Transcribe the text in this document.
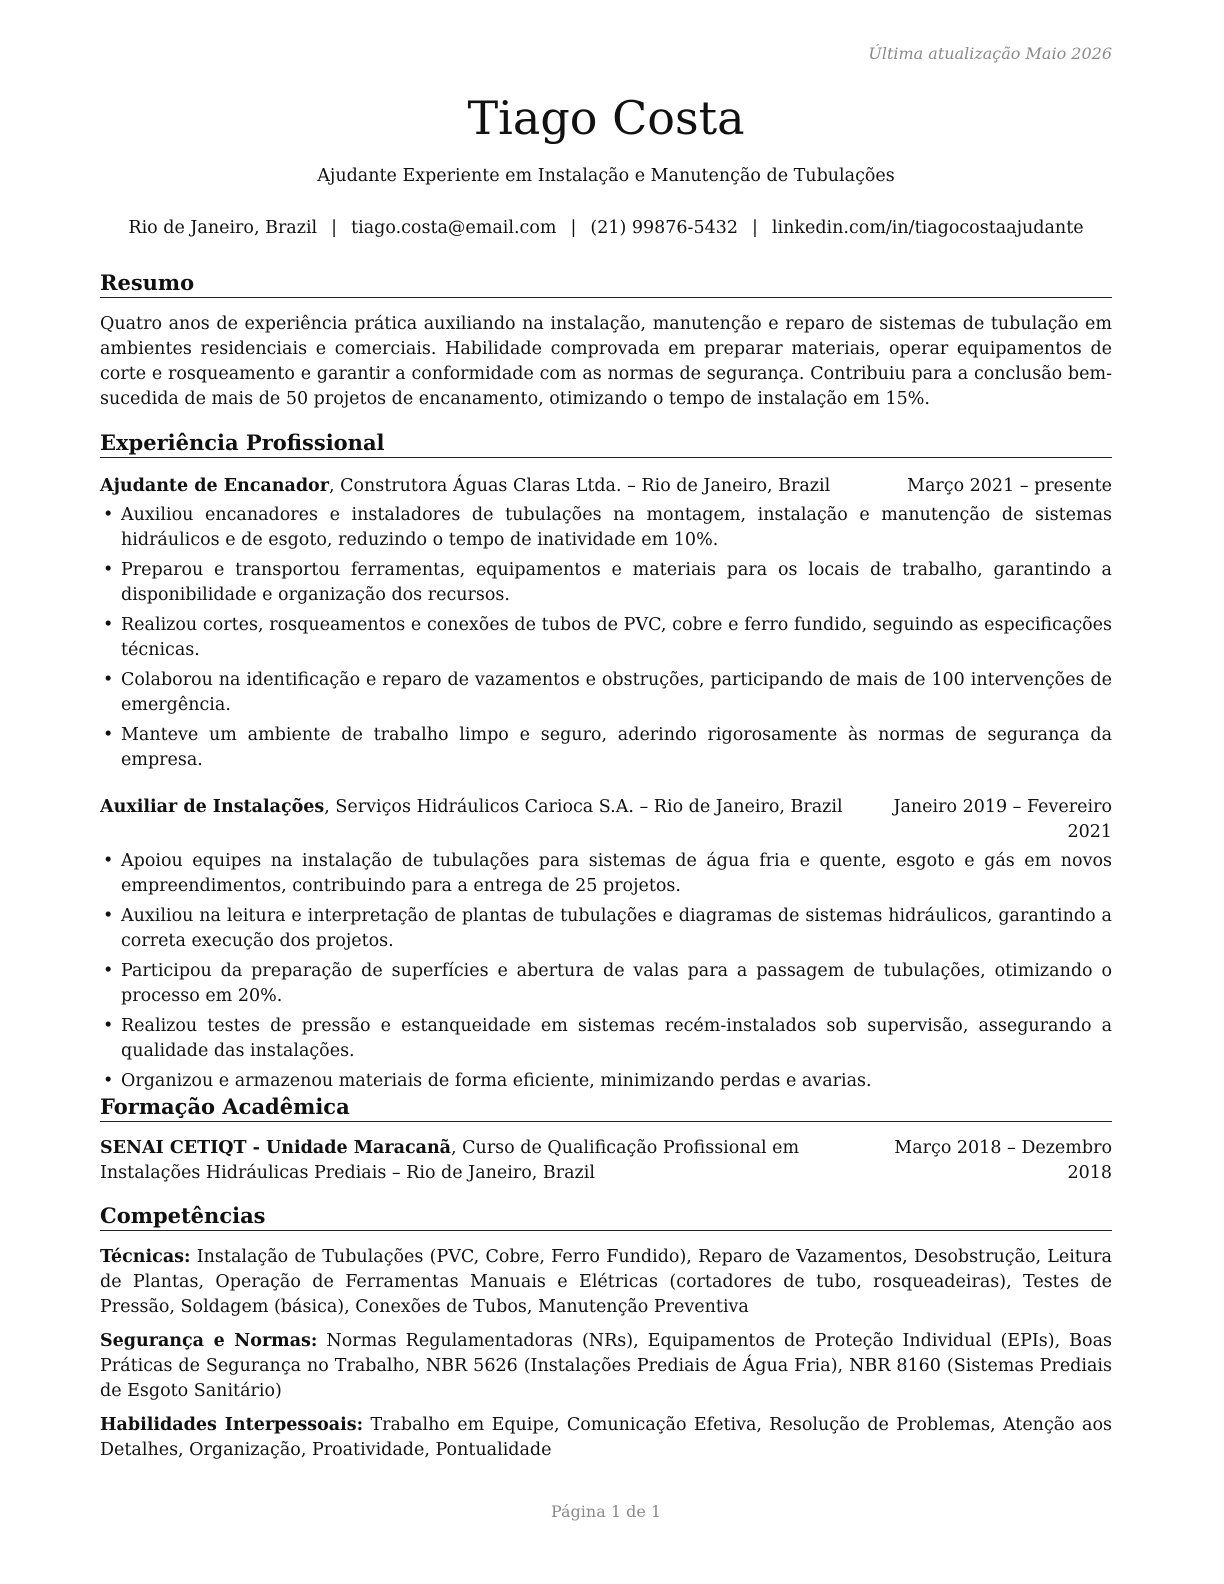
Última atualização Maio 2026
Tiago Costa
Ajudante Experiente em Instalação e Manutenção de Tubulações
Rio de Janeiro, Brazil | tiago.costa@email.com | (21) 99876-5432 | linkedin.com/in/tiagocostaajudante
Resumo

Quatro anos de experiência prática auxiliando na instalação, manutenção e reparo de sistemas de tubulação em ambientes residenciais e comerciais. Habilidade comprovada em preparar materiais, operar equipamentos de corte e rosqueamento e garantir a conformidade com as normas de segurança. Contribuiu para a conclusão bem-sucedida de mais de 50 projetos de encanamento, otimizando o tempo de instalação em 15%.

Experiência Profissional
Ajudante de Encanador, Construtora Águas Claras Ltda. – Rio de Janeiro, Brazil	Março 2021 – presente
• Auxiliou encanadores e instaladores de tubulações na montagem, instalação e manutenção de sistemas hidráulicos e de esgoto, reduzindo o tempo de inatividade em 10%.
• Preparou e transportou ferramentas, equipamentos e materiais para os locais de trabalho, garantindo a disponibilidade e organização dos recursos.
• Realizou cortes, rosqueamentos e conexões de tubos de PVC, cobre e ferro fundido, seguindo as especificações técnicas.
• Colaborou na identificação e reparo de vazamentos e obstruções, participando de mais de 100 intervenções de emergência.
• Manteve um ambiente de trabalho limpo e seguro, aderindo rigorosamente às normas de segurança da empresa.
Auxiliar de Instalações, Serviços Hidráulicos Carioca S.A. – Rio de Janeiro, Brazil	Janeiro 2019 – Fevereiro 2021
• Apoiou equipes na instalação de tubulações para sistemas de água fria e quente, esgoto e gás em novos empreendimentos, contribuindo para a entrega de 25 projetos.
• Auxiliou na leitura e interpretação de plantas de tubulações e diagramas de sistemas hidráulicos, garantindo a correta execução dos projetos.
• Participou da preparação de superfícies e abertura de valas para a passagem de tubulações, otimizando o processo em 20%.
• Realizou testes de pressão e estanqueidade em sistemas recém-instalados sob supervisão, assegurando a qualidade das instalações.
• Organizou e armazenou materiais de forma eficiente, minimizando perdas e avarias.
Formação Acadêmica
SENAI CETIQT - Unidade Maracanã, Curso de Qualificação Profissional em Instalações Hidráulicas Prediais – Rio de Janeiro, Brazil
Março 2018 – Dezembro 2018
Competências

Técnicas: Instalação de Tubulações (PVC, Cobre, Ferro Fundido), Reparo de Vazamentos, Desobstrução, Leitura de Plantas, Operação de Ferramentas Manuais e Elétricas (cortadores de tubo, rosqueadeiras), Testes de Pressão, Soldagem (básica), Conexões de Tubos, Manutenção Preventiva

Segurança e Normas: Normas Regulamentadoras (NRs), Equipamentos de Proteção Individual (EPIs), Boas Práticas de Segurança no Trabalho, NBR 5626 (Instalações Prediais de Água Fria), NBR 8160 (Sistemas Prediais de Esgoto Sanitário)

Habilidades Interpessoais: Trabalho em Equipe, Comunicação Efetiva, Resolução de Problemas, Atenção aos Detalhes, Organização, Proatividade, Pontualidade

Página 1 de 1
